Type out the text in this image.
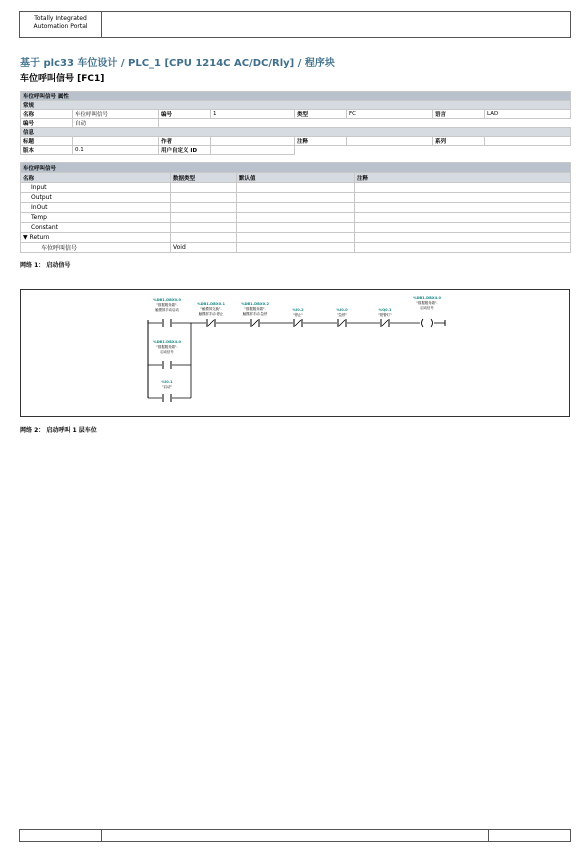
Totally Integrated
Automation Portal
基于 plc33 车位设计 / PLC_1 [CPU 1214C AC/DC/Rly] / 程序块
车位呼叫信号 [FC1]
车位呼叫信号 属性							
常规							
名称	车位呼叫信号	编号	1	类型	FC	语言	LAD
编号	自动						
信息							
标题		作者		注释		系列	
版本	0.1	用户自定义 ID					
车位呼叫信号			
名称	数据类型	默认值	注释
Input			
Output			
InOut			
Temp			
Constant			
▼ Return			
车位呼叫信号	Void		
网络 1： 启动信号
%DB1.DBX0.0
"数据服务端".
触摸屏手动启动
%DB1.DBX0.1
"触摸屏交换".
触摸屏手动.停止
%DB1.DBX0.2
"数据服务端".
触摸屏手动.急停
%I0.2
"停止"
%I0.0
"急停"
%Q0.1
"报警灯"
%DB1.DBX4.0
"数据服务端".
启动信号
%DB1.DBX4.0
"数据服务端".
启动信号
%I0.1
"启动"
网络 2： 启动呼叫 1 层车位
